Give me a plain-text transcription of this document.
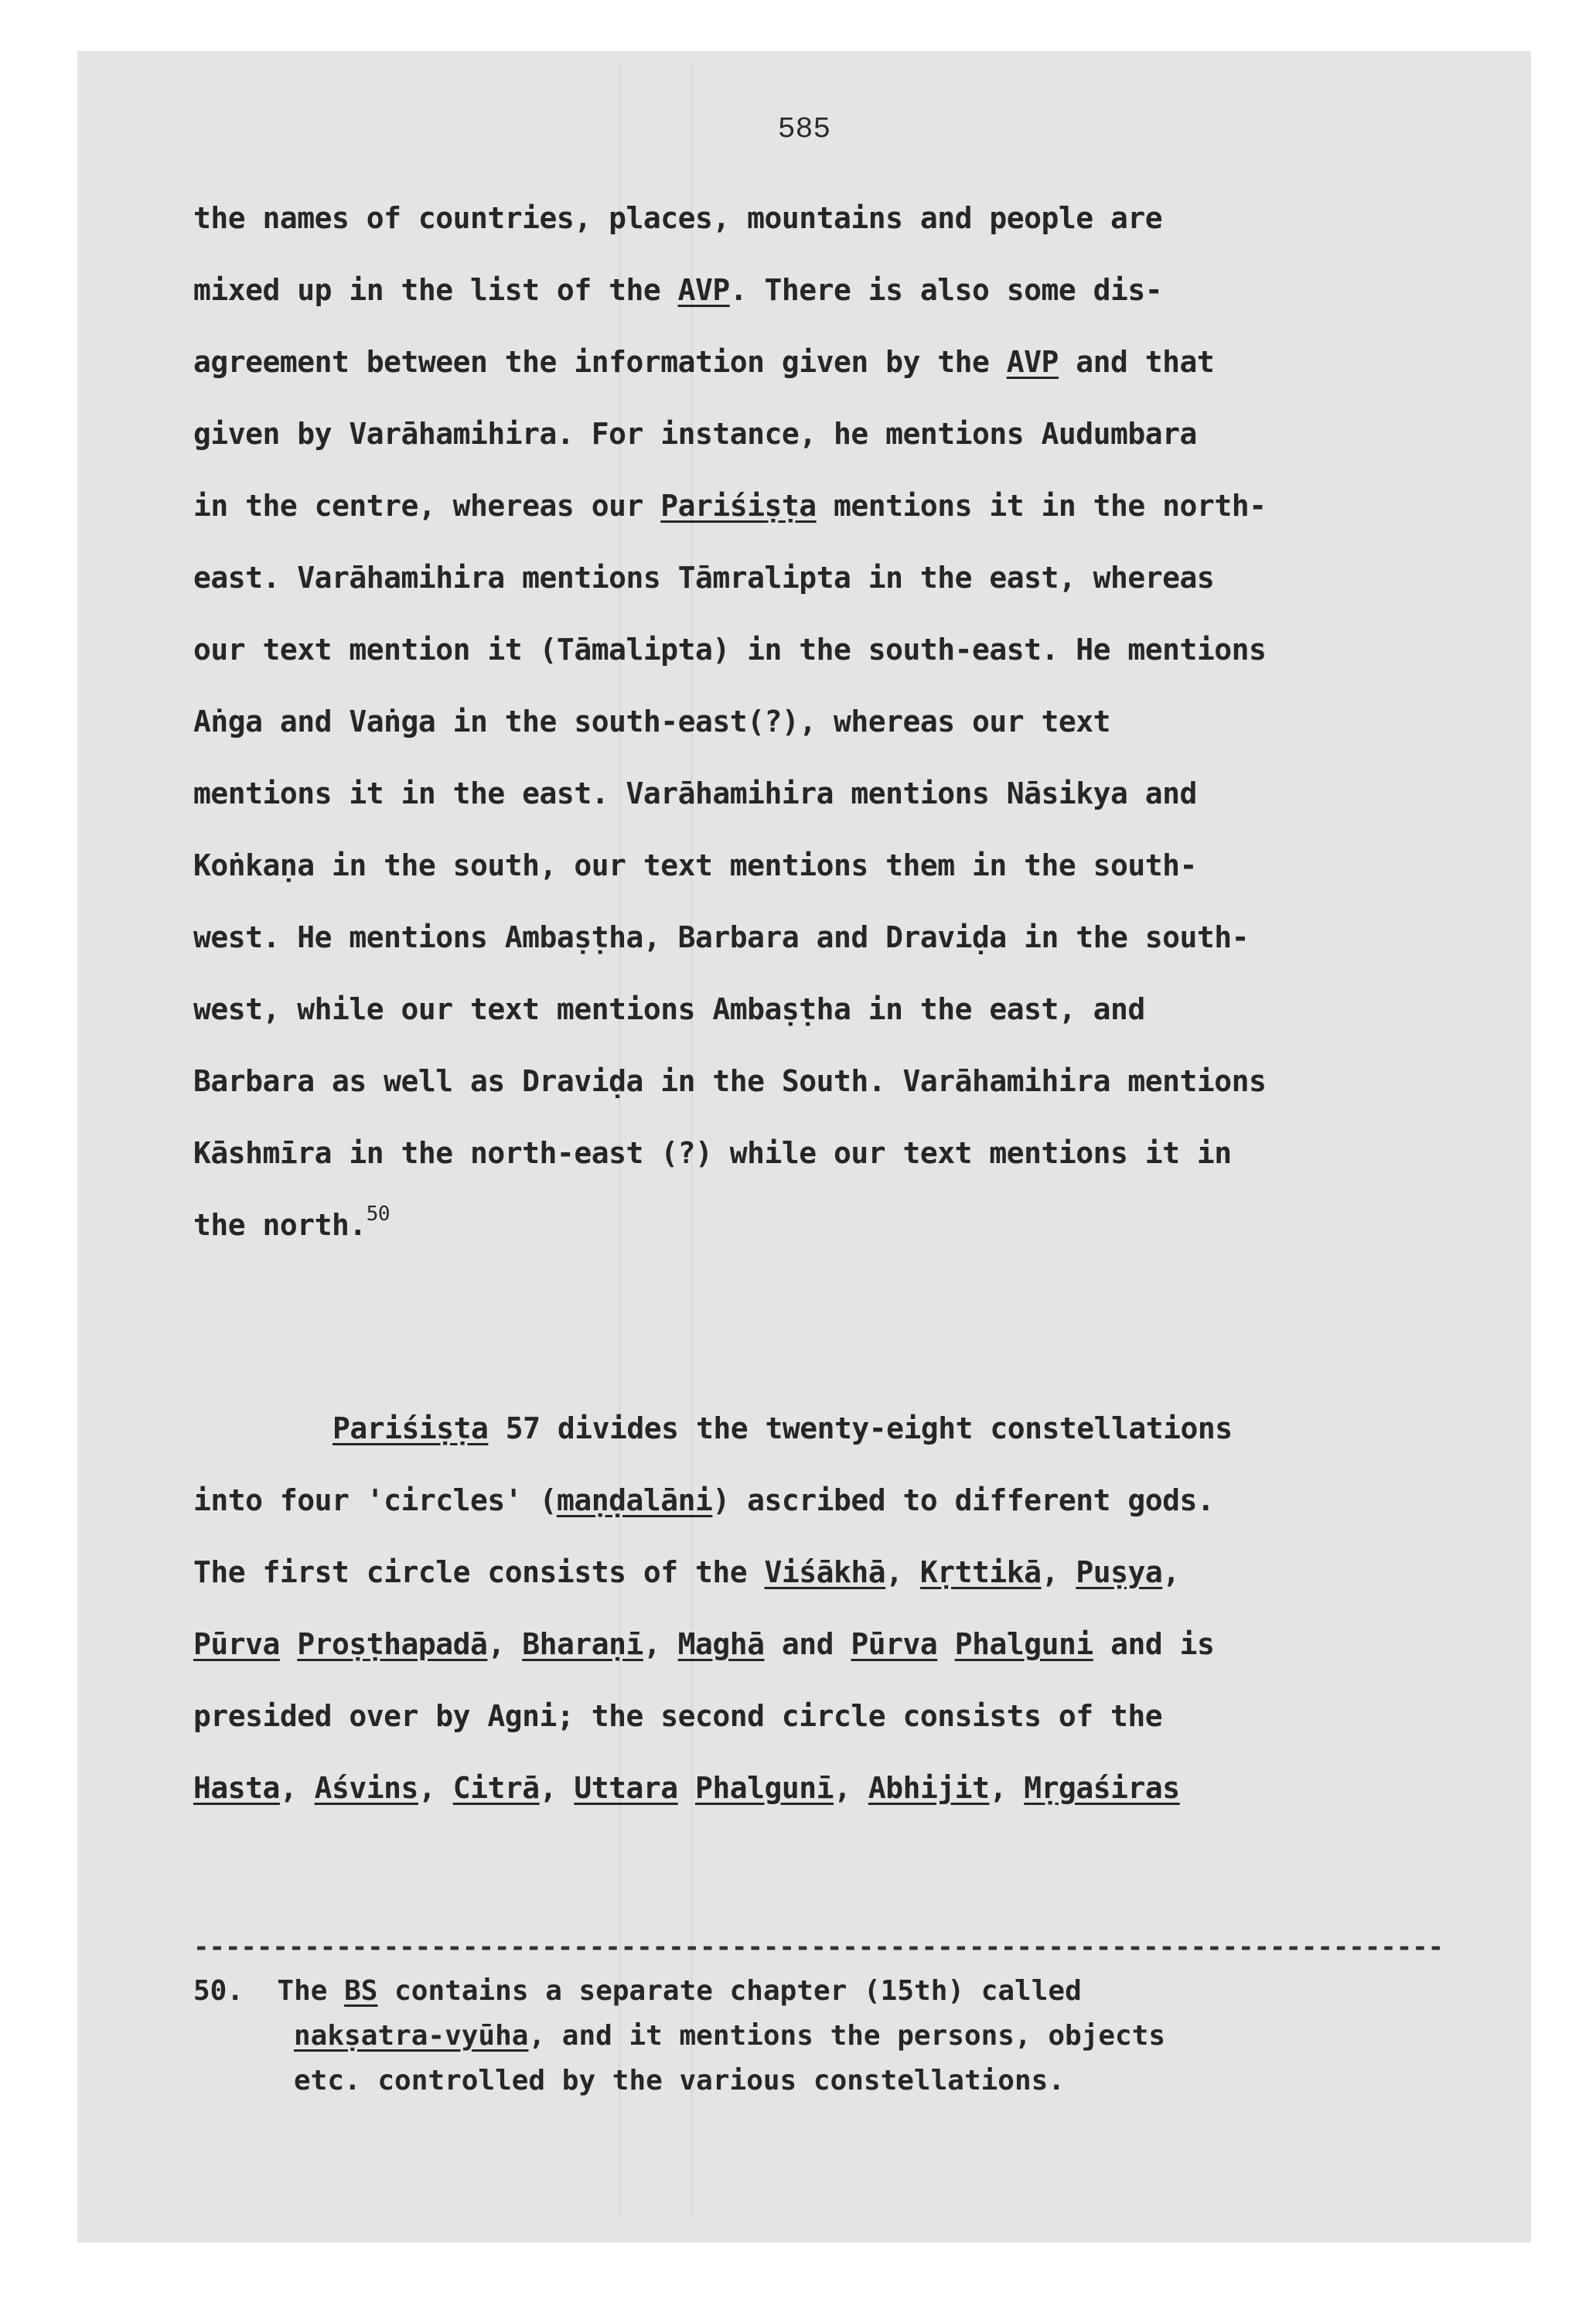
585
the names of countries, places, mountains and people are
mixed up in the list of the AVP. There is also some dis-
agreement between the information given by the AVP and that
given by Varāhamihira. For instance, he mentions Audumbara
in the centre, whereas our Pariśiṣṭa mentions it in the north-
east. Varāhamihira mentions Tāmralipta in the east, whereas
our text mention it (Tāmalipta) in the south-east. He mentions
Aṅga and Vaṅga in the south-east(?), whereas our text
mentions it in the east. Varāhamihira mentions Nāsikya and
Koṅkaṇa in the south, our text mentions them in the south-
west. He mentions Ambaṣṭha, Barbara and Draviḍa in the south-
west, while our text mentions Ambaṣṭha in the east, and
Barbara as well as Draviḍa in the South. Varāhamihira mentions
Kāshmīra in the north-east (?) while our text mentions it in
the north.$^{50}$
Pariśiṣṭa 57 divides the twenty-eight constellations
into four 'circles' (maṇḍalāni) ascribed to different gods.
The first circle consists of the Viśākhā, Kṛttikā, Puṣya,
Pūrva Proṣṭhapadā, Bharaṇī, Maghā and Pūrva Phalguni and is
presided over by Agni; the second circle consists of the
Hasta, Aśvins, Citrā, Uttara Phalgunī, Abhijit, Mṛgaśiras
-------------------------------------------------------------------------------
50. The BS contains a separate chapter (15th) called
nakṣatra-vyūha, and it mentions the persons, objects
etc. controlled by the various constellations.
